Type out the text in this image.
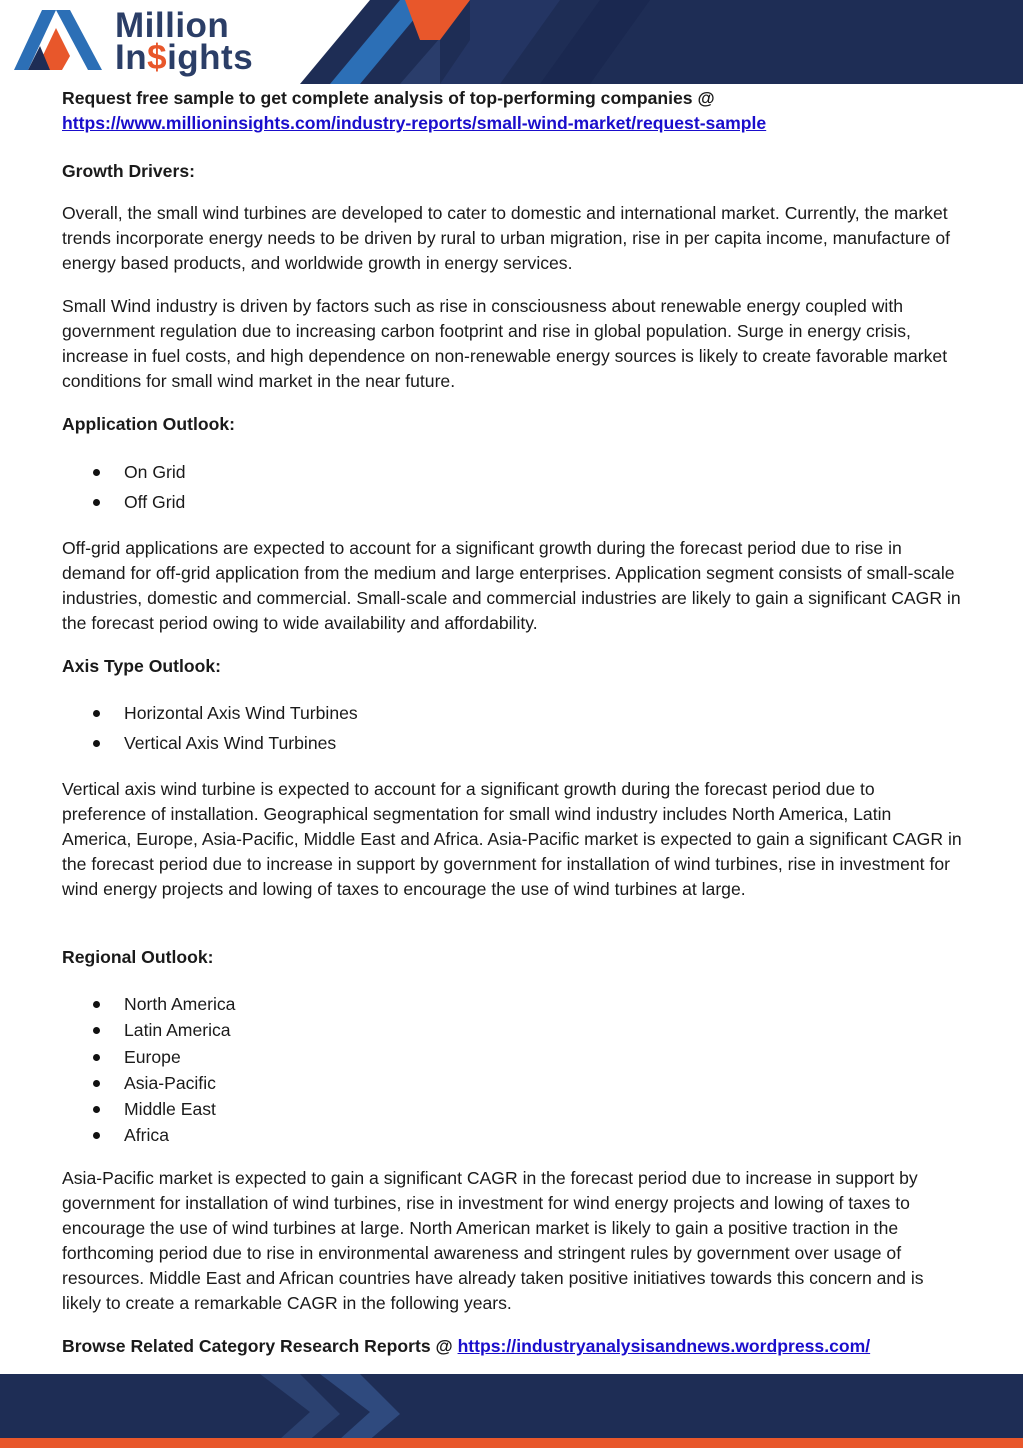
Million
In$ights

Request free sample to get complete analysis of top-performing companies @

https://www.millioninsights.com/industry-reports/small-wind-market/request-sample

Growth Drivers:
Overall, the small wind turbines are developed to cater to domestic and international market. Currently, the market trends incorporate energy needs to be driven by rural to urban migration, rise in per capita income, manufacture of energy based products, and worldwide growth in energy services.
Small Wind industry is driven by factors such as rise in consciousness about renewable energy coupled with government regulation due to increasing carbon footprint and rise in global population. Surge in energy crisis, increase in fuel costs, and high dependence on non-renewable energy sources is likely to create favorable market conditions for small wind market in the near future.
Application Outlook:
On Grid
Off Grid
Off-grid applications are expected to account for a significant growth during the forecast period due to rise in demand for off-grid application from the medium and large enterprises. Application segment consists of small-scale industries, domestic and commercial. Small-scale and commercial industries are likely to gain a significant CAGR in the forecast period owing to wide availability and affordability.
Axis Type Outlook:
Horizontal Axis Wind Turbines
Vertical Axis Wind Turbines
Vertical axis wind turbine is expected to account for a significant growth during the forecast period due to preference of installation. Geographical segmentation for small wind industry includes North America, Latin America, Europe, Asia-Pacific, Middle East and Africa. Asia-Pacific market is expected to gain a significant CAGR in the forecast period due to increase in support by government for installation of wind turbines, rise in investment for wind energy projects and lowing of taxes to encourage the use of wind turbines at large.
Regional Outlook:
North America
Latin America
Europe
Asia-Pacific
Middle East
Africa
Asia-Pacific market is expected to gain a significant CAGR in the forecast period due to increase in support by government for installation of wind turbines, rise in investment for wind energy projects and lowing of taxes to encourage the use of wind turbines at large. North American market is likely to gain a positive traction in the forthcoming period due to rise in environmental awareness and stringent rules by government over usage of resources. Middle East and African countries have already taken positive initiatives towards this concern and is likely to create a remarkable CAGR in the following years.
Browse Related Category Research Reports @ https://industryanalysisandnews.wordpress.com/
